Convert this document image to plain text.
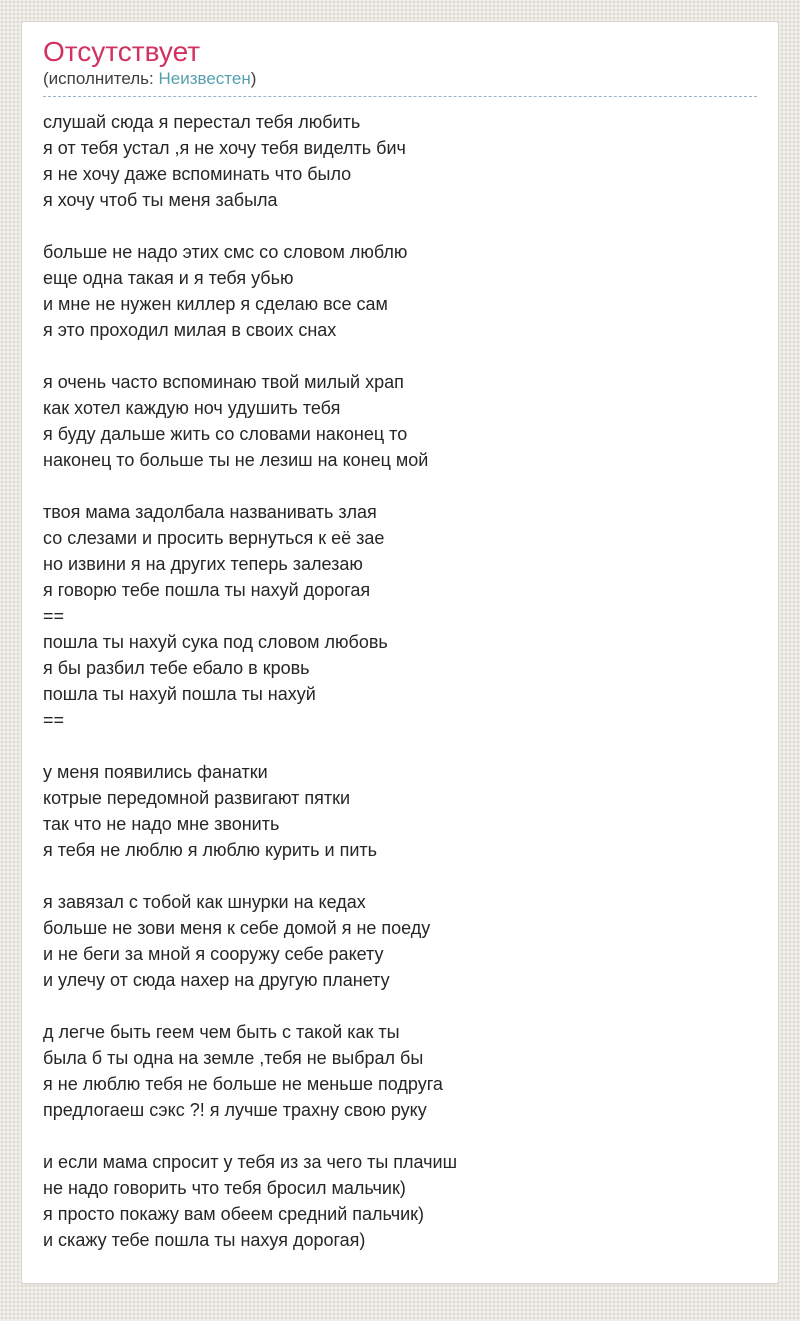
Отсутствует
(исполнитель: Неизвестен)

слушай сюда я перестал тебя любить
я от тебя устал ,я не хочу тебя виделть бич
я не хочу даже вспоминать что было
я хочу чтоб ты меня забыла

больше не надо этих смс со словом люблю
еще одна такая и я тебя убью
и мне не нужен киллер я сделаю все сам
я это проходил милая в своих снах

я очень часто вспоминаю твой милый храп
как хотел каждую ноч удушить тебя
я буду дальше жить со словами наконец то
наконец то больше ты не лезиш на конец мой

твоя мама задолбала названивать злая
со слезами и просить вернуться к её зае
но извини я на других теперь залезаю
я говорю тебе пошла ты нахуй дорогая
==
пошла ты нахуй сука под словом любовь
я бы разбил тебе ебало в кровь
пошла ты нахуй пошла ты нахуй
==

у меня появились фанатки
котрые передомной развигают пятки
так что не надо мне звонить
я тебя не люблю я люблю курить и пить

я завязал с тобой как шнурки на кедах
больше не зови меня к себе домой я не поеду
и не беги за мной я сооружу себе ракету
и улечу от сюда нахер на другую планету

д легче быть геем чем быть с такой как ты
была б ты одна на земле ,тебя не выбрал бы
я не люблю тебя не больше не меньше подруга
предлогаеш сэкс ?! я лучше трахну свою руку

и если мама спросит у тебя из за чего ты плачиш
не надо говорить что тебя бросил мальчик)
я просто покажу вам обеем средний пальчик)
и скажу тебе пошла ты нахуя дорогая)
